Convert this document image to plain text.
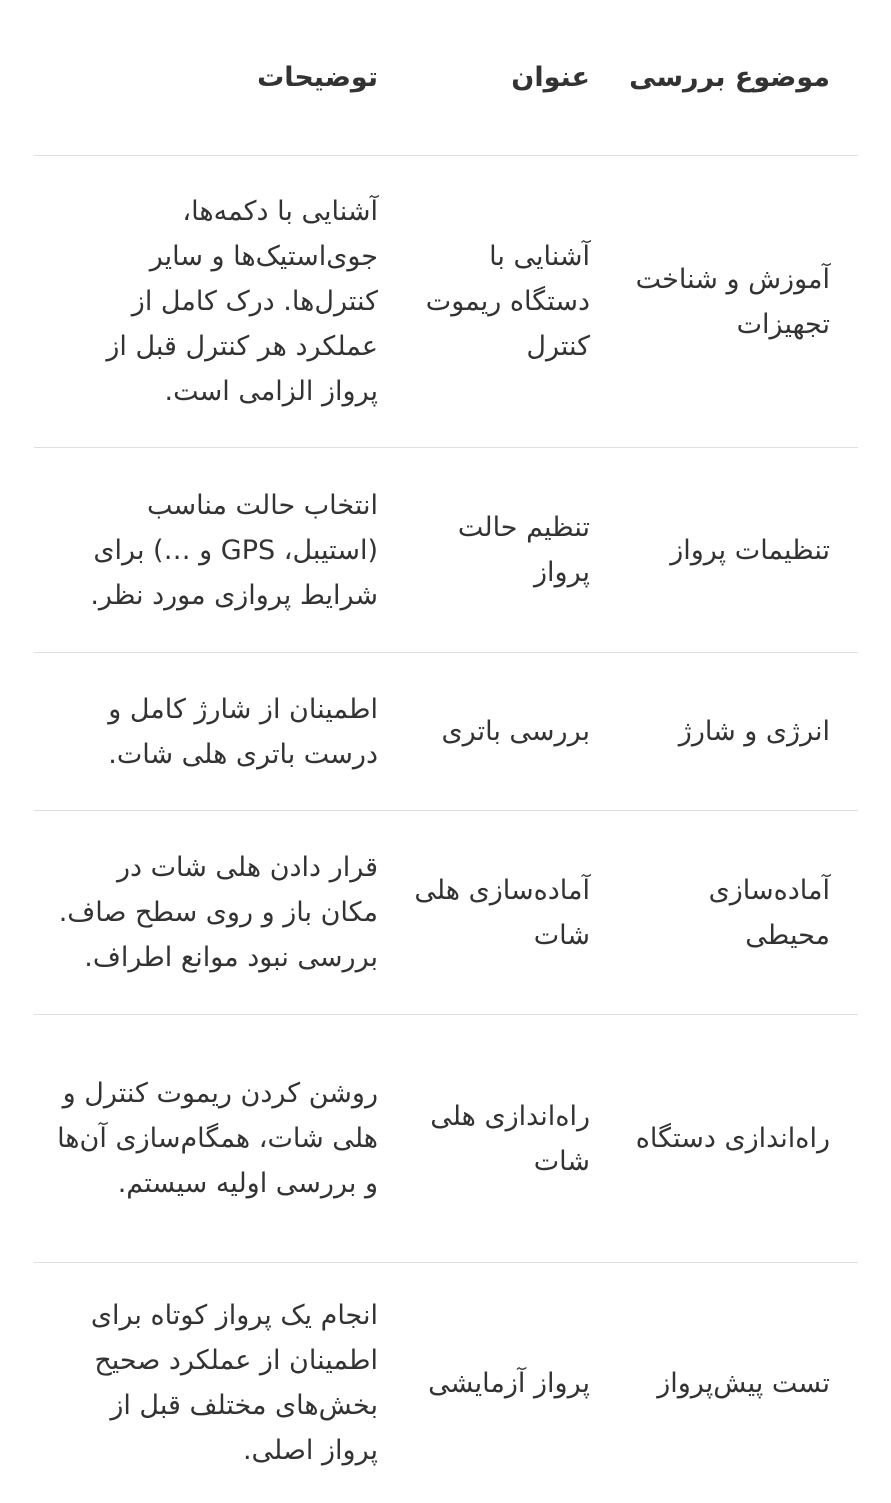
موضوع بررسی	عنوان	توضیحات
آموزش و شناخت تجهیزات	آشنایی با دستگاه ریموت کنترل	آشنایی با دکمه‌ها، جوی‌استیک‌ها و سایر کنترل‌ها. درک کامل از عملکرد هر کنترل قبل از پرواز الزامی است.
تنظیمات پرواز	تنظیم حالت پرواز	انتخاب حالت مناسب (استیبل، GPS و …) برای شرایط پروازی مورد نظر.
انرژی و شارژ	بررسی باتری	اطمینان از شارژ کامل و درست باتری هلی شات.
آماده‌سازی محیطی	آماده‌سازی هلی شات	قرار دادن هلی شات در مکان باز و روی سطح صاف. بررسی نبود موانع اطراف.
راه‌اندازی دستگاه	راه‌اندازی هلی شات	روشن کردن ریموت کنترل و هلی شات، همگام‌سازی آن‌ها و بررسی اولیه سیستم.
تست پیش‌پرواز	پرواز آزمایشی	انجام یک پرواز کوتاه برای اطمینان از عملکرد صحیح بخش‌های مختلف قبل از پرواز اصلی.
